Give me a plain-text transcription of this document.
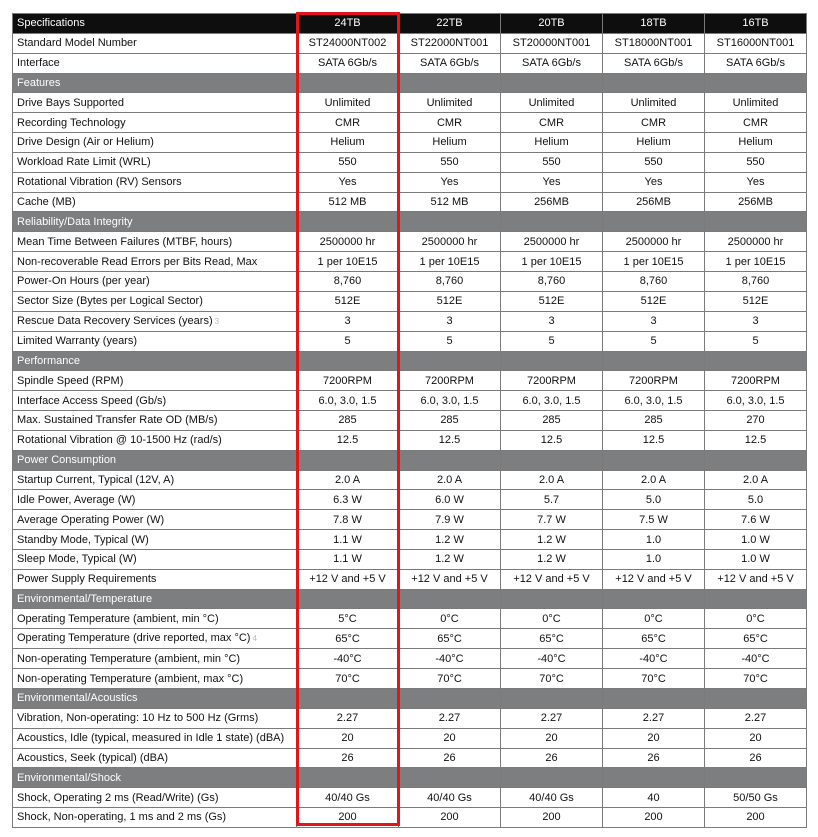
Specifications	24TB	22TB	20TB	18TB	16TB
Standard Model Number	ST24000NT002	ST22000NT001	ST20000NT001	ST18000NT001	ST16000NT001
Interface	SATA 6Gb/s	SATA 6Gb/s	SATA 6Gb/s	SATA 6Gb/s	SATA 6Gb/s
Features					
Drive Bays Supported	Unlimited	Unlimited	Unlimited	Unlimited	Unlimited
Recording Technology	CMR	CMR	CMR	CMR	CMR
Drive Design (Air or Helium)	Helium	Helium	Helium	Helium	Helium
Workload Rate Limit (WRL)	550	550	550	550	550
Rotational Vibration (RV) Sensors	Yes	Yes	Yes	Yes	Yes
Cache (MB)	512 MB	512 MB	256MB	256MB	256MB
Reliability/Data Integrity					
Mean Time Between Failures (MTBF, hours)	2500000 hr	2500000 hr	2500000 hr	2500000 hr	2500000 hr
Non-recoverable Read Errors per Bits Read, Max	1 per 10E15	1 per 10E15	1 per 10E15	1 per 10E15	1 per 10E15
Power-On Hours (per year)	8,760	8,760	8,760	8,760	8,760
Sector Size (Bytes per Logical Sector)	512E	512E	512E	512E	512E
Rescue Data Recovery Services (years) 3	3	3	3	3	3
Limited Warranty (years)	5	5	5	5	5
Performance					
Spindle Speed (RPM)	7200RPM	7200RPM	7200RPM	7200RPM	7200RPM
Interface Access Speed (Gb/s)	6.0, 3.0, 1.5	6.0, 3.0, 1.5	6.0, 3.0, 1.5	6.0, 3.0, 1.5	6.0, 3.0, 1.5
Max. Sustained Transfer Rate OD (MB/s)	285	285	285	285	270
Rotational Vibration @ 10-1500 Hz (rad/s)	12.5	12.5	12.5	12.5	12.5
Power Consumption					
Startup Current, Typical (12V, A)	2.0 A	2.0 A	2.0 A	2.0 A	2.0 A
Idle Power, Average (W)	6.3 W	6.0 W	5.7	5.0	5.0
Average Operating Power (W)	7.8 W	7.9 W	7.7 W	7.5 W	7.6 W
Standby Mode, Typical (W)	1.1 W	1.2 W	1.2 W	1.0	1.0 W
Sleep Mode, Typical (W)	1.1 W	1.2 W	1.2 W	1.0	1.0 W
Power Supply Requirements	+12 V and +5 V	+12 V and +5 V	+12 V and +5 V	+12 V and +5 V	+12 V and +5 V
Environmental/Temperature					
Operating Temperature (ambient, min °C)	5°C	0°C	0°C	0°C	0°C
Operating Temperature (drive reported, max °C) 4	65°C	65°C	65°C	65°C	65°C
Non-operating Temperature (ambient, min °C)	-40°C	-40°C	-40°C	-40°C	-40°C
Non-operating Temperature (ambient, max °C)	70°C	70°C	70°C	70°C	70°C
Environmental/Acoustics					
Vibration, Non-operating: 10 Hz to 500 Hz (Grms)	2.27	2.27	2.27	2.27	2.27
Acoustics, Idle (typical, measured in Idle 1 state) (dBA)	20	20	20	20	20
Acoustics, Seek (typical) (dBA)	26	26	26	26	26
Environmental/Shock					
Shock, Operating 2 ms (Read/Write) (Gs)	40/40 Gs	40/40 Gs	40/40 Gs	40	50/50 Gs
Shock, Non-operating, 1 ms and 2 ms (Gs)	200	200	200	200	200
